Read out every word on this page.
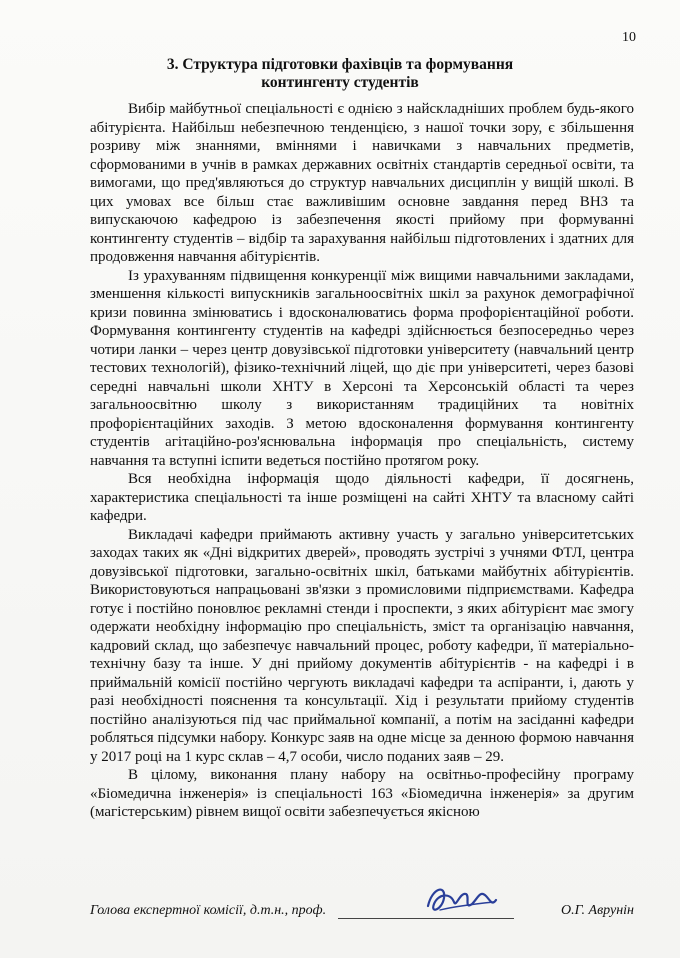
10
3. Структура підготовки фахівців та формування
контингенту студентів

Вибір майбутньої спеціальності є однією з найскладніших проблем будь-якого абітурієнта. Найбільш небезпечною тенденцією, з нашої точки зору, є збільшення розриву між знаннями, вміннями і навичками з навчальних предметів, сформованими в учнів в рамках державних освітніх стандартів середньої освіти, та вимогами, що пред'являються до структур навчальних дисциплін у вищій школі. В цих умовах все більш стає важливішим основне завдання перед ВНЗ та випускаючою кафедрою із забезпечення якості прийому при формуванні контингенту студентів – відбір та зарахування найбільш підготовлених і здатних для продовження навчання абітурієнтів.

Із урахуванням підвищення конкуренції між вищими навчальними закладами, зменшення кількості випускників загальноосвітніх шкіл за рахунок демографічної кризи повинна змінюватись і вдосконалюватись форма профорієнтаційної роботи. Формування контингенту студентів на кафедрі здійснюється безпосередньо через чотири ланки – через центр довузівської підготовки університету (навчальний центр тестових технологій), фізико-технічний ліцей, що діє при університеті, через базові середні навчальні школи ХНТУ в Херсоні та Херсонській області та через загальноосвітню школу з використанням традиційних та новітніх профорієнтаційних заходів. З метою вдосконалення формування контингенту студентів агітаційно-роз'яснювальна інформація про спеціальність, систему навчання та вступні іспити ведеться постійно протягом року.

Вся необхідна інформація щодо діяльності кафедри, її досягнень, характеристика спеціальності та інше розміщені на сайті ХНТУ та власному сайті кафедри.

Викладачі кафедри приймають активну участь у загально університетських заходах таких як «Дні відкритих дверей», проводять зустрічі з учнями ФТЛ, центра довузівської підготовки, загально-освітніх шкіл, батьками майбутніх абітурієнтів. Використовуються напрацьовані зв'язки з промисловими підприємствами. Кафедра готує і постійно поновлює рекламні стенди і проспекти, з яких абітурієнт має змогу одержати необхідну інформацію про спеціальність, зміст та організацію навчання, кадровий склад, що забезпечує навчальний процес, роботу кафедри, її матеріально-технічну базу та інше. У дні прийому документів абітурієнтів - на кафедрі і в приймальній комісії постійно чергують викладачі кафедри та аспіранти, і, дають у разі необхідності пояснення та консультації. Хід і результати прийому студентів постійно аналізуються під час приймальної компанії, а потім на засіданні кафедри робляться підсумки набору. Конкурс заяв на одне місце за денною формою навчання у 2017 році на 1 курс склав – 4,7 особи, число поданих заяв – 29.

В цілому, виконання плану набору на освітньо-професійну програму «Біомедична інженерія» із спеціальності 163 «Біомедична інженерія» за другим (магістерським) рівнем вищої освіти забезпечується якісною

Голова експертної комісії, д.т.н., проф.	О.Г. Аврунін
